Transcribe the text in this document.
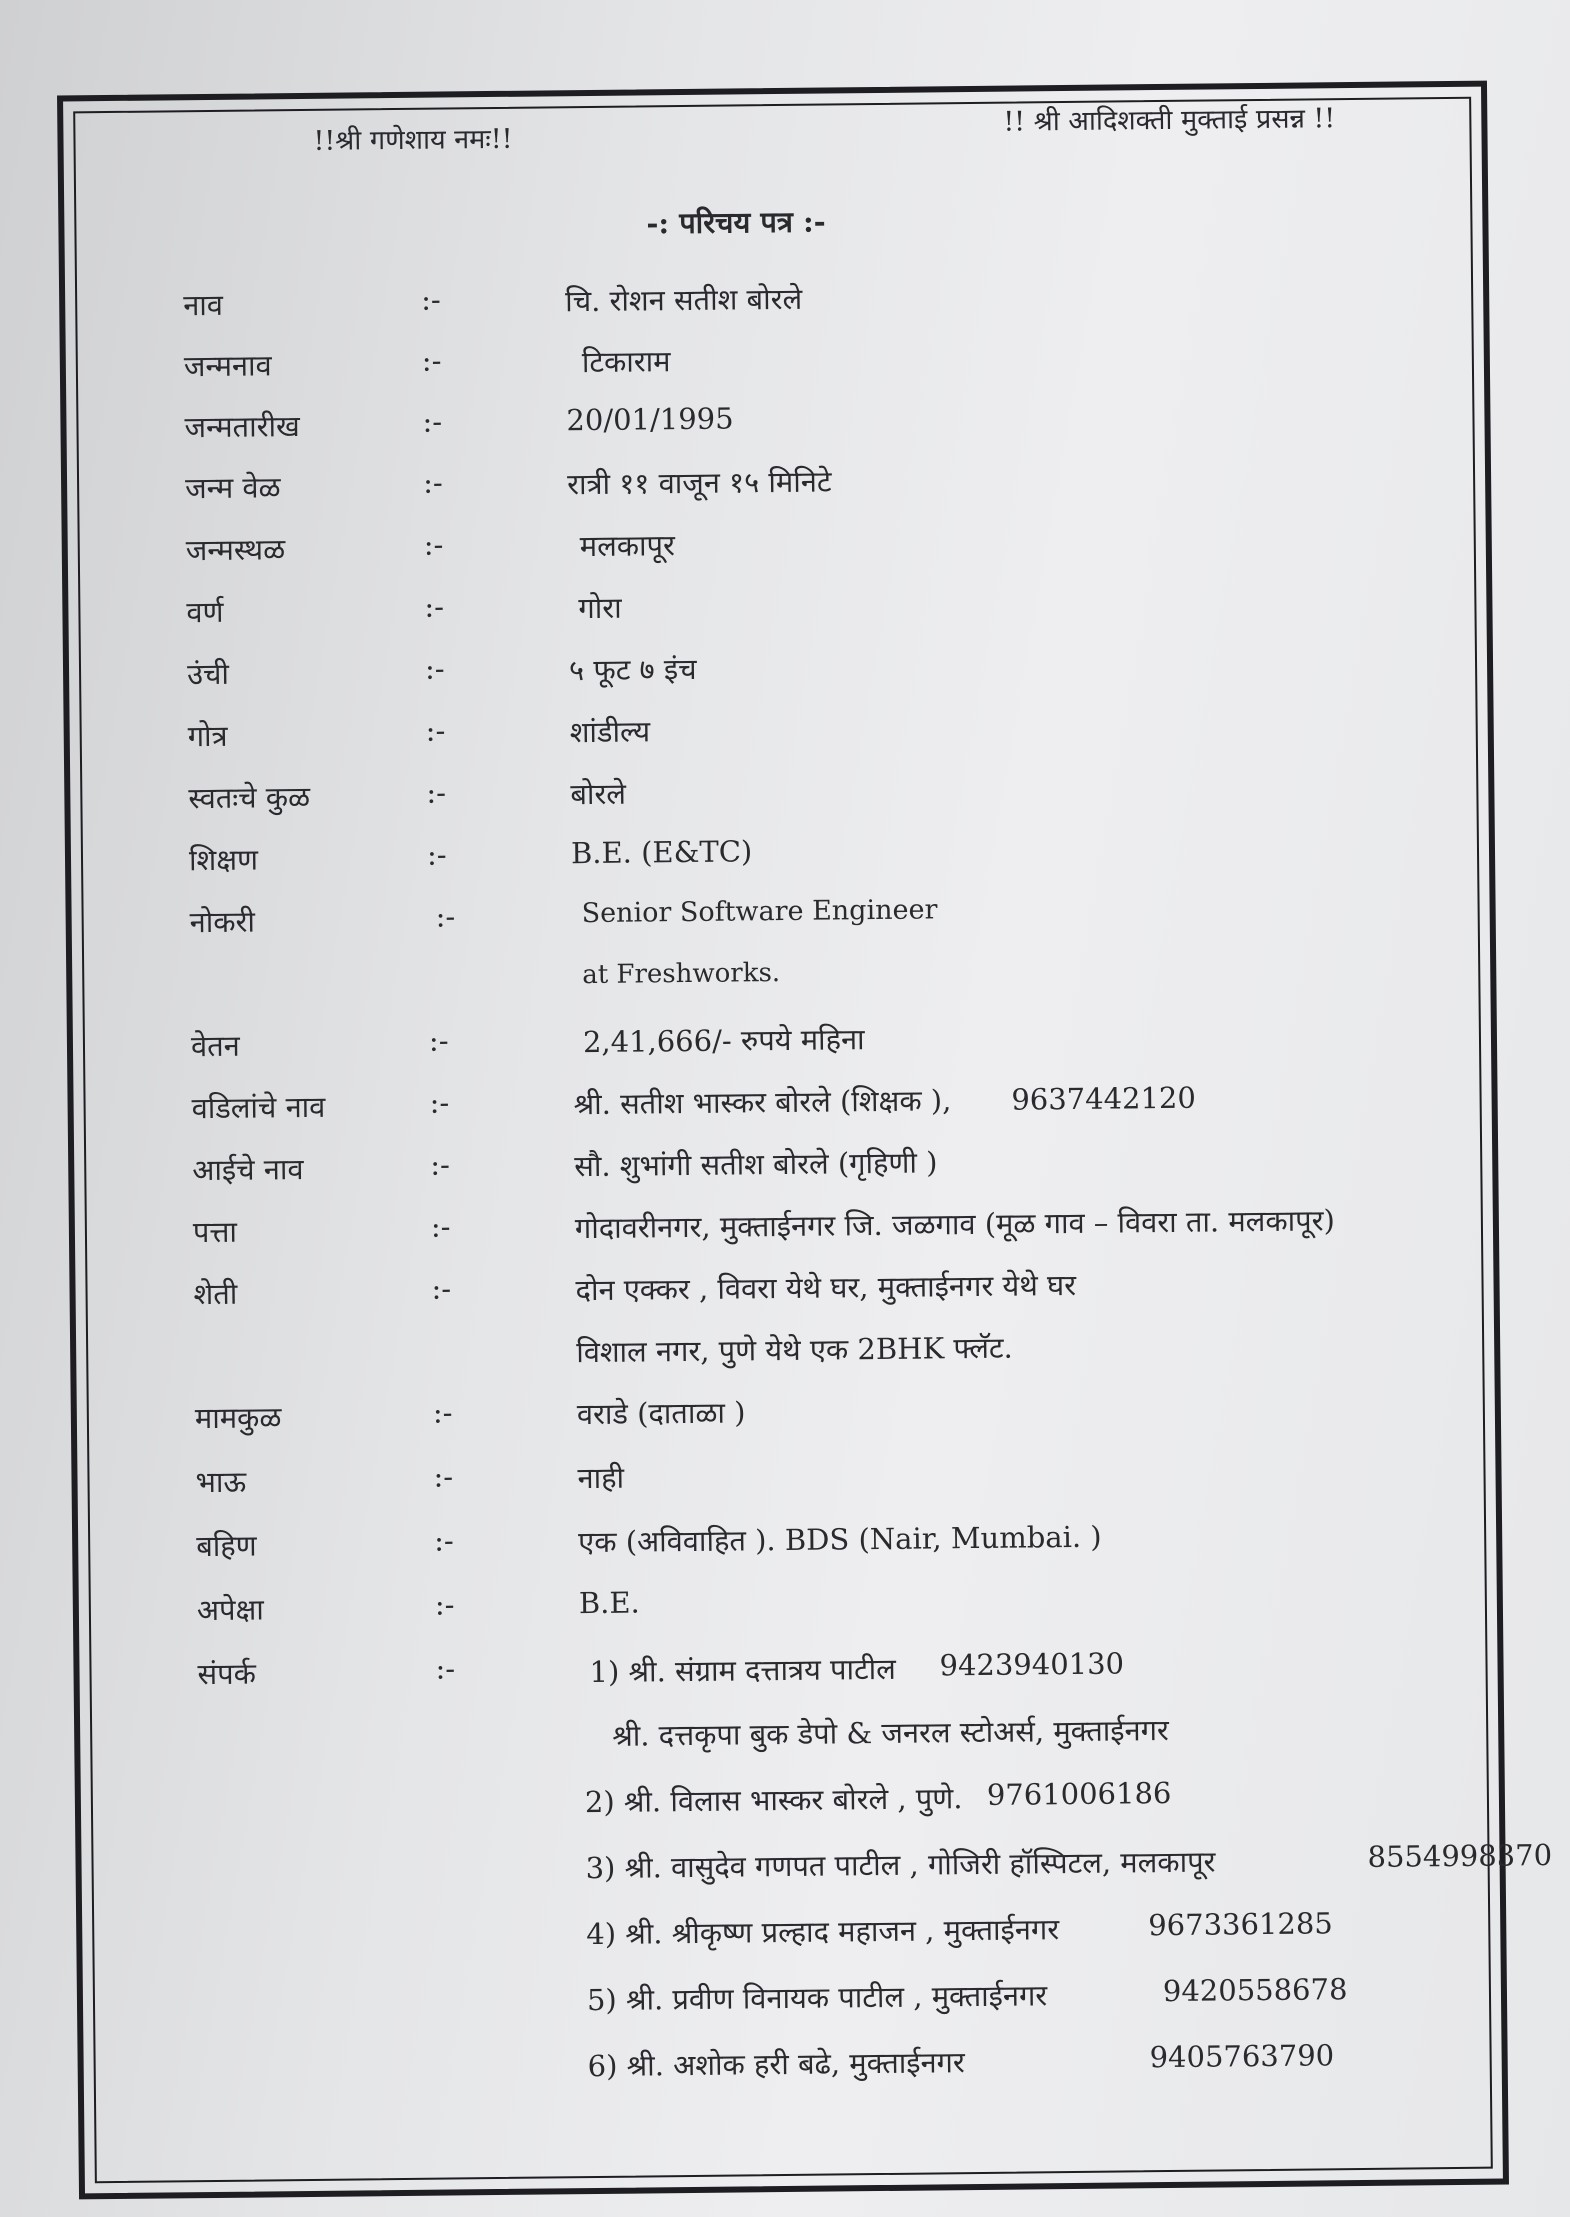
!!श्री गणेशाय नमः!!
!! श्री आदिशक्ती मुक्ताई प्रसन्न !!
-: परिचय पत्र :-
नाव	:-	चि. रोशन सतीश बोरले
जन्मनाव	:-	टिकाराम
जन्मतारीख	:-	20/01/1995
जन्म वेळ	:-	रात्री ११ वाजून १५ मिनिटे
जन्मस्थळ	:-	मलकापूर
वर्ण	:-	गोरा
उंची	:-	५ फूट ७ इंच
गोत्र	:-	शांडील्य
स्वतःचे कुळ	:-	बोरले
शिक्षण	:-	B.E. (E&TC)
नोकरी	:-	Senior Software Engineer
at Freshworks.
वेतन	:-	2,41,666/- रुपये महिना
वडिलांचे नाव	:-	श्री. सतीश भास्कर बोरले (शिक्षक ), 9637442120
आईचे नाव	:-	सौ. शुभांगी सतीश बोरले (गृहिणी )
पत्ता	:-	गोदावरीनगर, मुक्ताईनगर जि. जळगाव (मूळ गाव – विवरा ता. मलकापूर)
शेती	:-	दोन एक्कर , विवरा येथे घर, मुक्ताईनगर येथे घर
विशाल नगर, पुणे येथे एक 2BHK फ्लॅट.
मामकुळ	:-	वराडे (दाताळा )
भाऊ	:-	नाही
बहिण	:-	एक (अविवाहित ). BDS (Nair, Mumbai. )
अपेक्षा	:-	B.E.
संपर्क	:-	1) श्री. संग्राम दत्तात्रय पाटील 9423940130
श्री. दत्तकृपा बुक डेपो & जनरल स्टोअर्स, मुक्ताईनगर
2) श्री. विलास भास्कर बोरले , पुणे. 9761006186
3) श्री. वासुदेव गणपत पाटील , गोजिरी हॉस्पिटल, मलकापूर	8554998370
4) श्री. श्रीकृष्ण प्रल्हाद महाजन , मुक्ताईनगर	9673361285
5) श्री. प्रवीण विनायक पाटील , मुक्ताईनगर	9420558678
6) श्री. अशोक हरी बढे, मुक्ताईनगर	9405763790
